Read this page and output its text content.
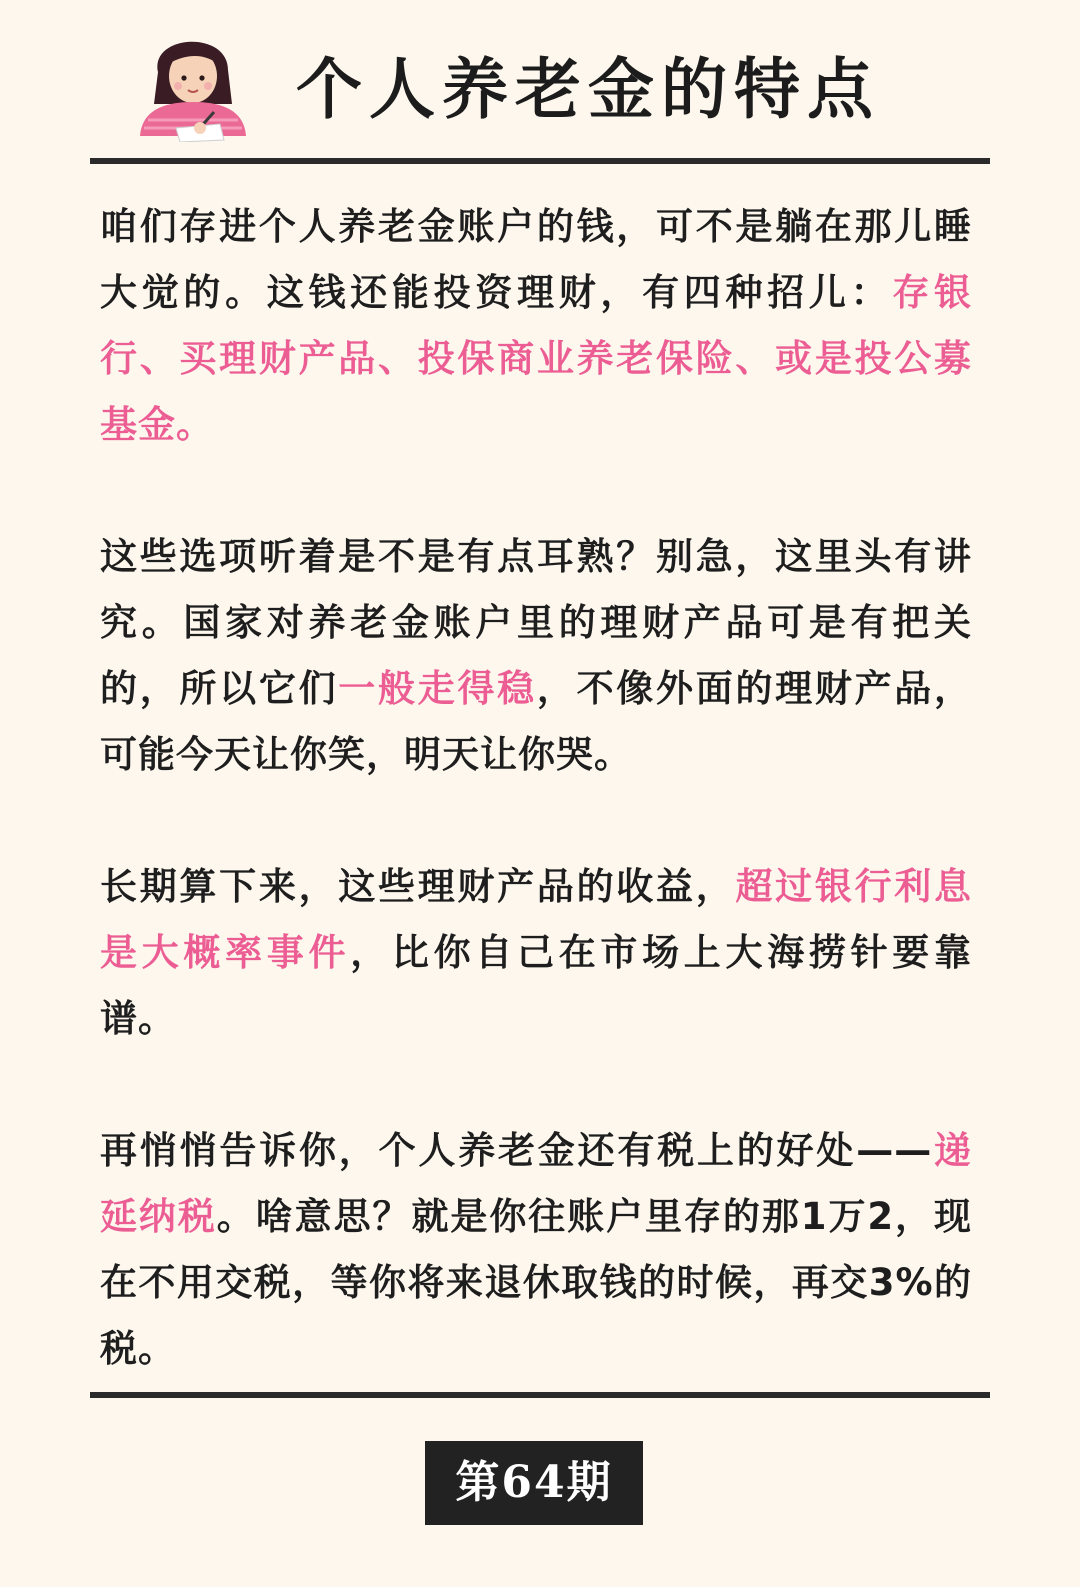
个人养老金的特点

咱们存进个人养老金账户的钱，可不是躺在那儿睡大觉的。这钱还能投资理财，有四种招儿：存银行、买理财产品、投保商业养老保险、或是投公募基金。

这些选项听着是不是有点耳熟？别急，这里头有讲究。国家对养老金账户里的理财产品可是有把关的，所以它们一般走得稳，不像外面的理财产品，可能今天让你笑，明天让你哭。

长期算下来，这些理财产品的收益，超过银行利息是大概率事件，比你自己在市场上大海捞针要靠谱。

再悄悄告诉你，个人养老金还有税上的好处——递延纳税。啥意思？就是你往账户里存的那1万2，现在不用交税，等你将来退休取钱的时候，再交3%的税。

第64期
